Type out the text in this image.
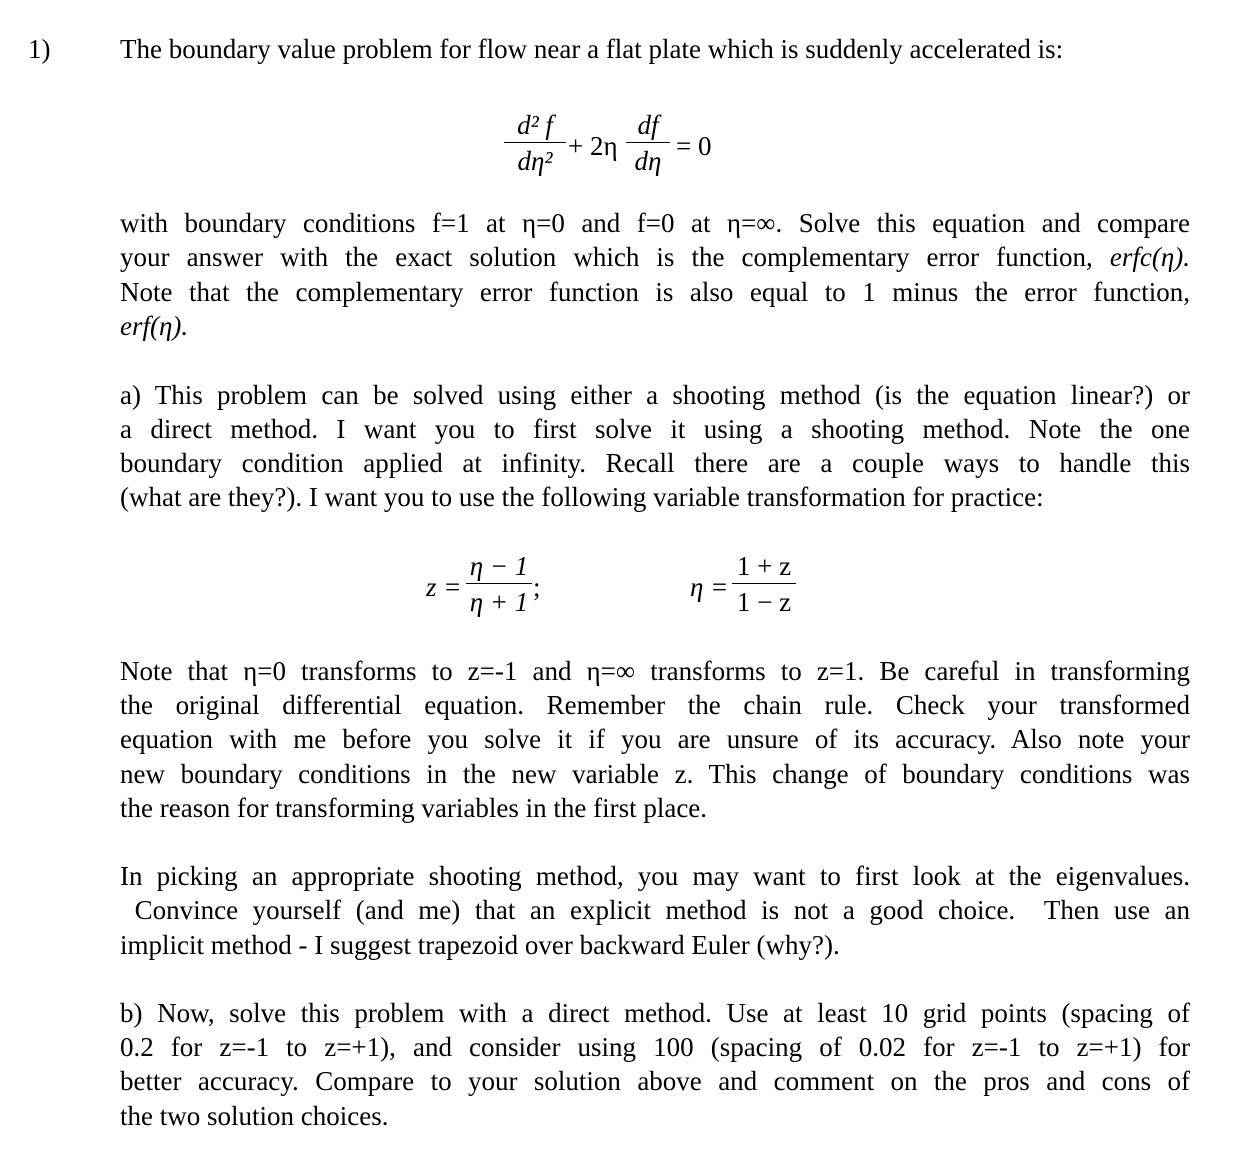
1)	The boundary value problem for flow near a flat plate which is suddenly accelerated is:
d² f
dη² + 2η
df
dη = 0
with boundary conditions f=1 at η=0 and f=0 at η=∞. Solve this equation and compare
your answer with the exact solution which is the complementary error function, erfc(η).
Note that the complementary error function is also equal to 1 minus the error function,
erf(η).
a) This problem can be solved using either a shooting method (is the equation linear?) or
a direct method. I want you to first solve it using a shooting method. Note the one
boundary condition applied at infinity. Recall there are a couple ways to handle this
(what are they?). I want you to use the following variable transformation for practice:
z =
η − 1
η + 1 ;	η =
1 + z
1 − z
Note that η=0 transforms to z=-1 and η=∞ transforms to z=1. Be careful in transforming
the original differential equation. Remember the chain rule. Check your transformed
equation with me before you solve it if you are unsure of its accuracy. Also note your
new boundary conditions in the new variable z. This change of boundary conditions was
the reason for transforming variables in the first place.
In picking an appropriate shooting method, you may want to first look at the eigenvalues.
Convince yourself (and me) that an explicit method is not a good choice.  Then use an
implicit method - I suggest trapezoid over backward Euler (why?).
b) Now, solve this problem with a direct method. Use at least 10 grid points (spacing of
0.2 for z=-1 to z=+1), and consider using 100 (spacing of 0.02 for z=-1 to z=+1) for
better accuracy. Compare to your solution above and comment on the pros and cons of
the two solution choices.
